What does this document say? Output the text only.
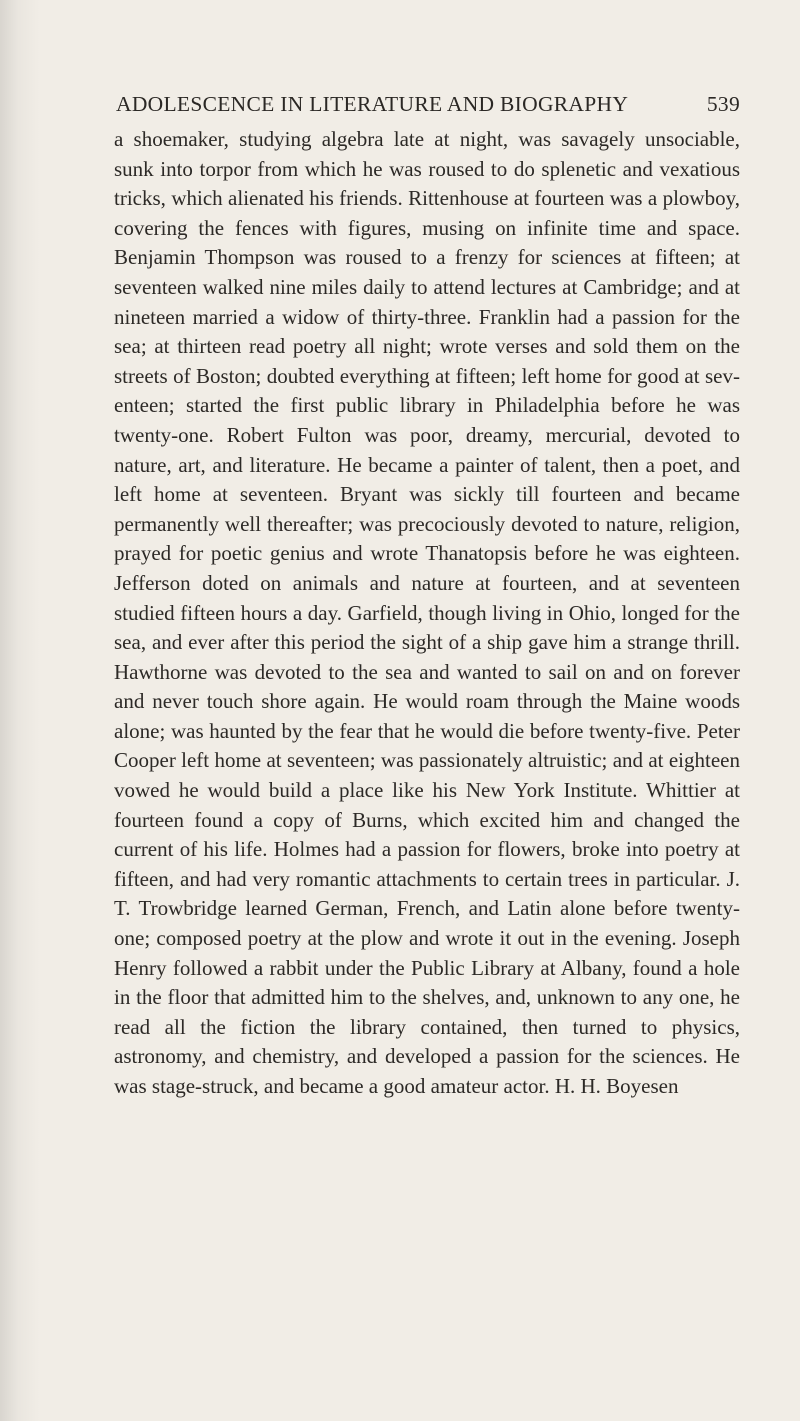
ADOLESCENCE IN LITERATURE AND BIOGRAPHY	539

a shoemaker, studying algebra late at night, was savagely unsociable, sunk into torpor from which he was roused to do splenetic and vexatious tricks, which alienated his friends. Rittenhouse at fourteen was a plowboy, covering the fences with figures, musing on infinite time and space. Benjamin Thompson was roused to a frenzy for sciences at fifteen; at seventeen walked nine miles daily to attend lectures at Cambridge; and at nineteen married a widow of thirty-three. Franklin had a passion for the sea; at thirteen read poetry all night; wrote verses and sold them on the streets of Boston; doubted everything at fifteen; left home for good at seventeen; started the first public library in Philadelphia before he was twenty-one. Robert Fulton was poor, dreamy, mercurial, devoted to nature, art, and literature. He became a painter of talent, then a poet, and left home at seventeen. Bryant was sickly till fourteen and became permanently well thereafter; was precociously devoted to nature, religion, prayed for poetic genius and wrote Thanatopsis before he was eighteen. Jefferson doted on animals and nature at fourteen, and at seventeen studied fifteen hours a day. Garfield, though living in Ohio, longed for the sea, and ever after this period the sight of a ship gave him a strange thrill. Hawthorne was devoted to the sea and wanted to sail on and on forever and never touch shore again. He would roam through the Maine woods alone; was haunted by the fear that he would die before twenty-five. Peter Cooper left home at seventeen; was passionately altruistic; and at eighteen vowed he would build a place like his New York Institute. Whittier at fourteen found a copy of Burns, which excited him and changed the current of his life. Holmes had a passion for flowers, broke into poetry at fifteen, and had very romantic attachments to certain trees in particular. J. T. Trowbridge learned German, French, and Latin alone before twenty-one; composed poetry at the plow and wrote it out in the evening. Joseph Henry followed a rabbit under the Public Library at Albany, found a hole in the floor that admitted him to the shelves, and, unknown to any one, he read all the fiction the library contained, then turned to physics, astronomy, and chemistry, and developed a passion for the sciences. He was stage-struck, and became a good amateur actor. H. H. Boyesen
